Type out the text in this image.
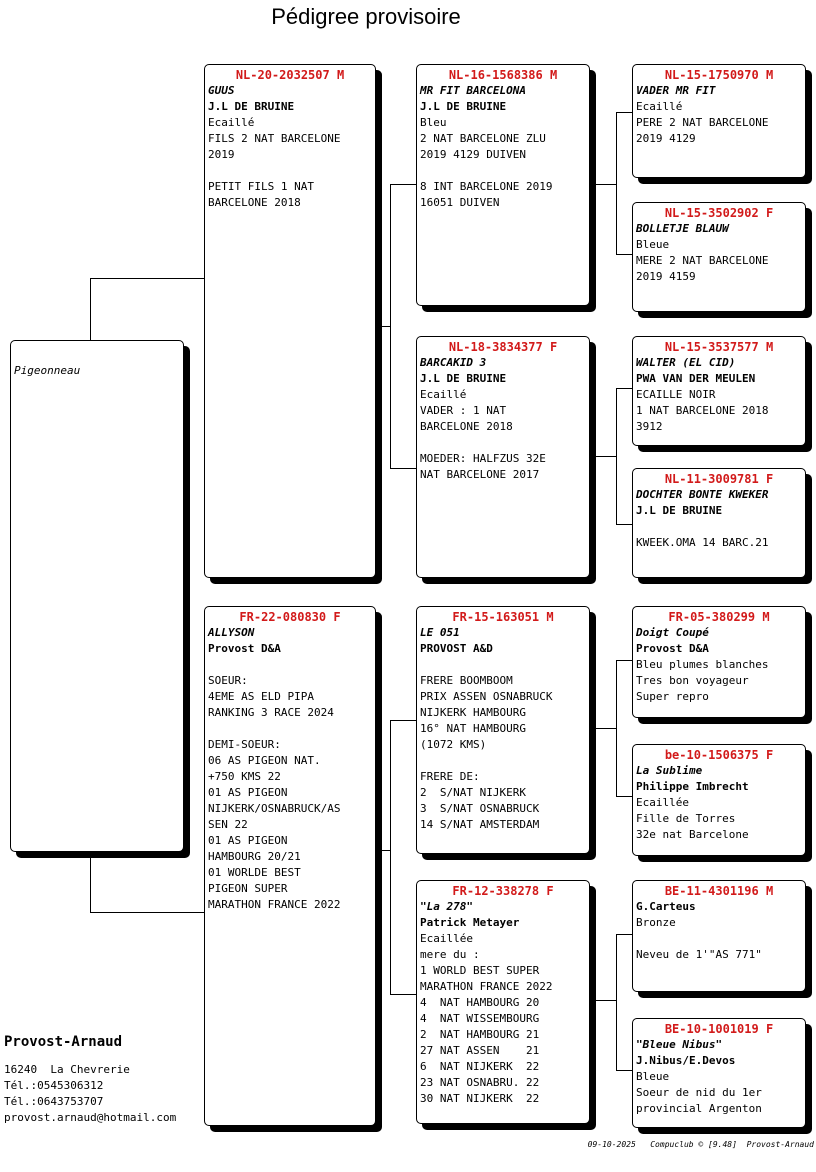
Pédigree provisoire
Pigeonneau
NL-20-2032507 M
GUUS
J.L DE BRUINE
Ecaillé
FILS 2 NAT BARCELONE
2019

PETIT FILS 1 NAT
BARCELONE 2018
FR-22-080830 F
ALLYSON
Provost D&A

SOEUR:
4EME AS ELD PIPA
RANKING 3 RACE 2024

DEMI-SOEUR:
06 AS PIGEON NAT.
+750 KMS 22
01 AS PIGEON
NIJKERK/OSNABRUCK/AS
SEN 22
01 AS PIGEON
HAMBOURG 20/21
01 WORLDE BEST
PIGEON SUPER
MARATHON FRANCE 2022
NL-16-1568386 M
MR FIT BARCELONA
J.L DE BRUINE
Bleu
2 NAT BARCELONE ZLU
2019 4129 DUIVEN

8 INT BARCELONE 2019
16051 DUIVEN
NL-18-3834377 F
BARCAKID 3
J.L DE BRUINE
Ecaillé
VADER : 1 NAT
BARCELONE 2018

MOEDER: HALFZUS 32E
NAT BARCELONE 2017
FR-15-163051 M
LE 051
PROVOST A&D

FRERE BOOMBOOM
PRIX ASSEN OSNABRUCK
NIJKERK HAMBOURG
16° NAT HAMBOURG
(1072 KMS)

FRERE DE:
2  S/NAT NIJKERK
3  S/NAT OSNABRUCK
14 S/NAT AMSTERDAM
FR-12-338278 F
"La 278"
Patrick Metayer
Ecaillée
mere du :
1 WORLD BEST SUPER
MARATHON FRANCE 2022
4  NAT HAMBOURG 20
4  NAT WISSEMBOURG
2  NAT HAMBOURG 21
27 NAT ASSEN    21
6  NAT NIJKERK  22
23 NAT OSNABRU. 22
30 NAT NIJKERK  22
NL-15-1750970 M
VADER MR FIT
Ecaillé
PERE 2 NAT BARCELONE
2019 4129
NL-15-3502902 F
BOLLETJE BLAUW
Bleue
MERE 2 NAT BARCELONE
2019 4159
NL-15-3537577 M
WALTER (EL CID)
PWA VAN DER MEULEN
ECAILLE NOIR
1 NAT BARCELONE 2018
3912
NL-11-3009781 F
DOCHTER BONTE KWEKER
J.L DE BRUINE

KWEEK.OMA 14 BARC.21
FR-05-380299 M
Doigt Coupé
Provost D&A
Bleu plumes blanches
Tres bon voyageur
Super repro
be-10-1506375 F
La Sublime
Philippe Imbrecht
Ecaillée
Fille de Torres
32e nat Barcelone
BE-11-4301196 M
G.Carteus
Bronze

Neveu de 1'"AS 771"
BE-10-1001019 F
"Bleue Nibus"
J.Nibus/E.Devos
Bleue
Soeur de nid du 1er
provincial Argenton
Provost-Arnaud
16240  La Chevrerie
Tél.:0545306312
Tél.:0643753707
provost.arnaud@hotmail.com
09-10-2025   Compuclub © [9.48]  Provost-Arnaud
